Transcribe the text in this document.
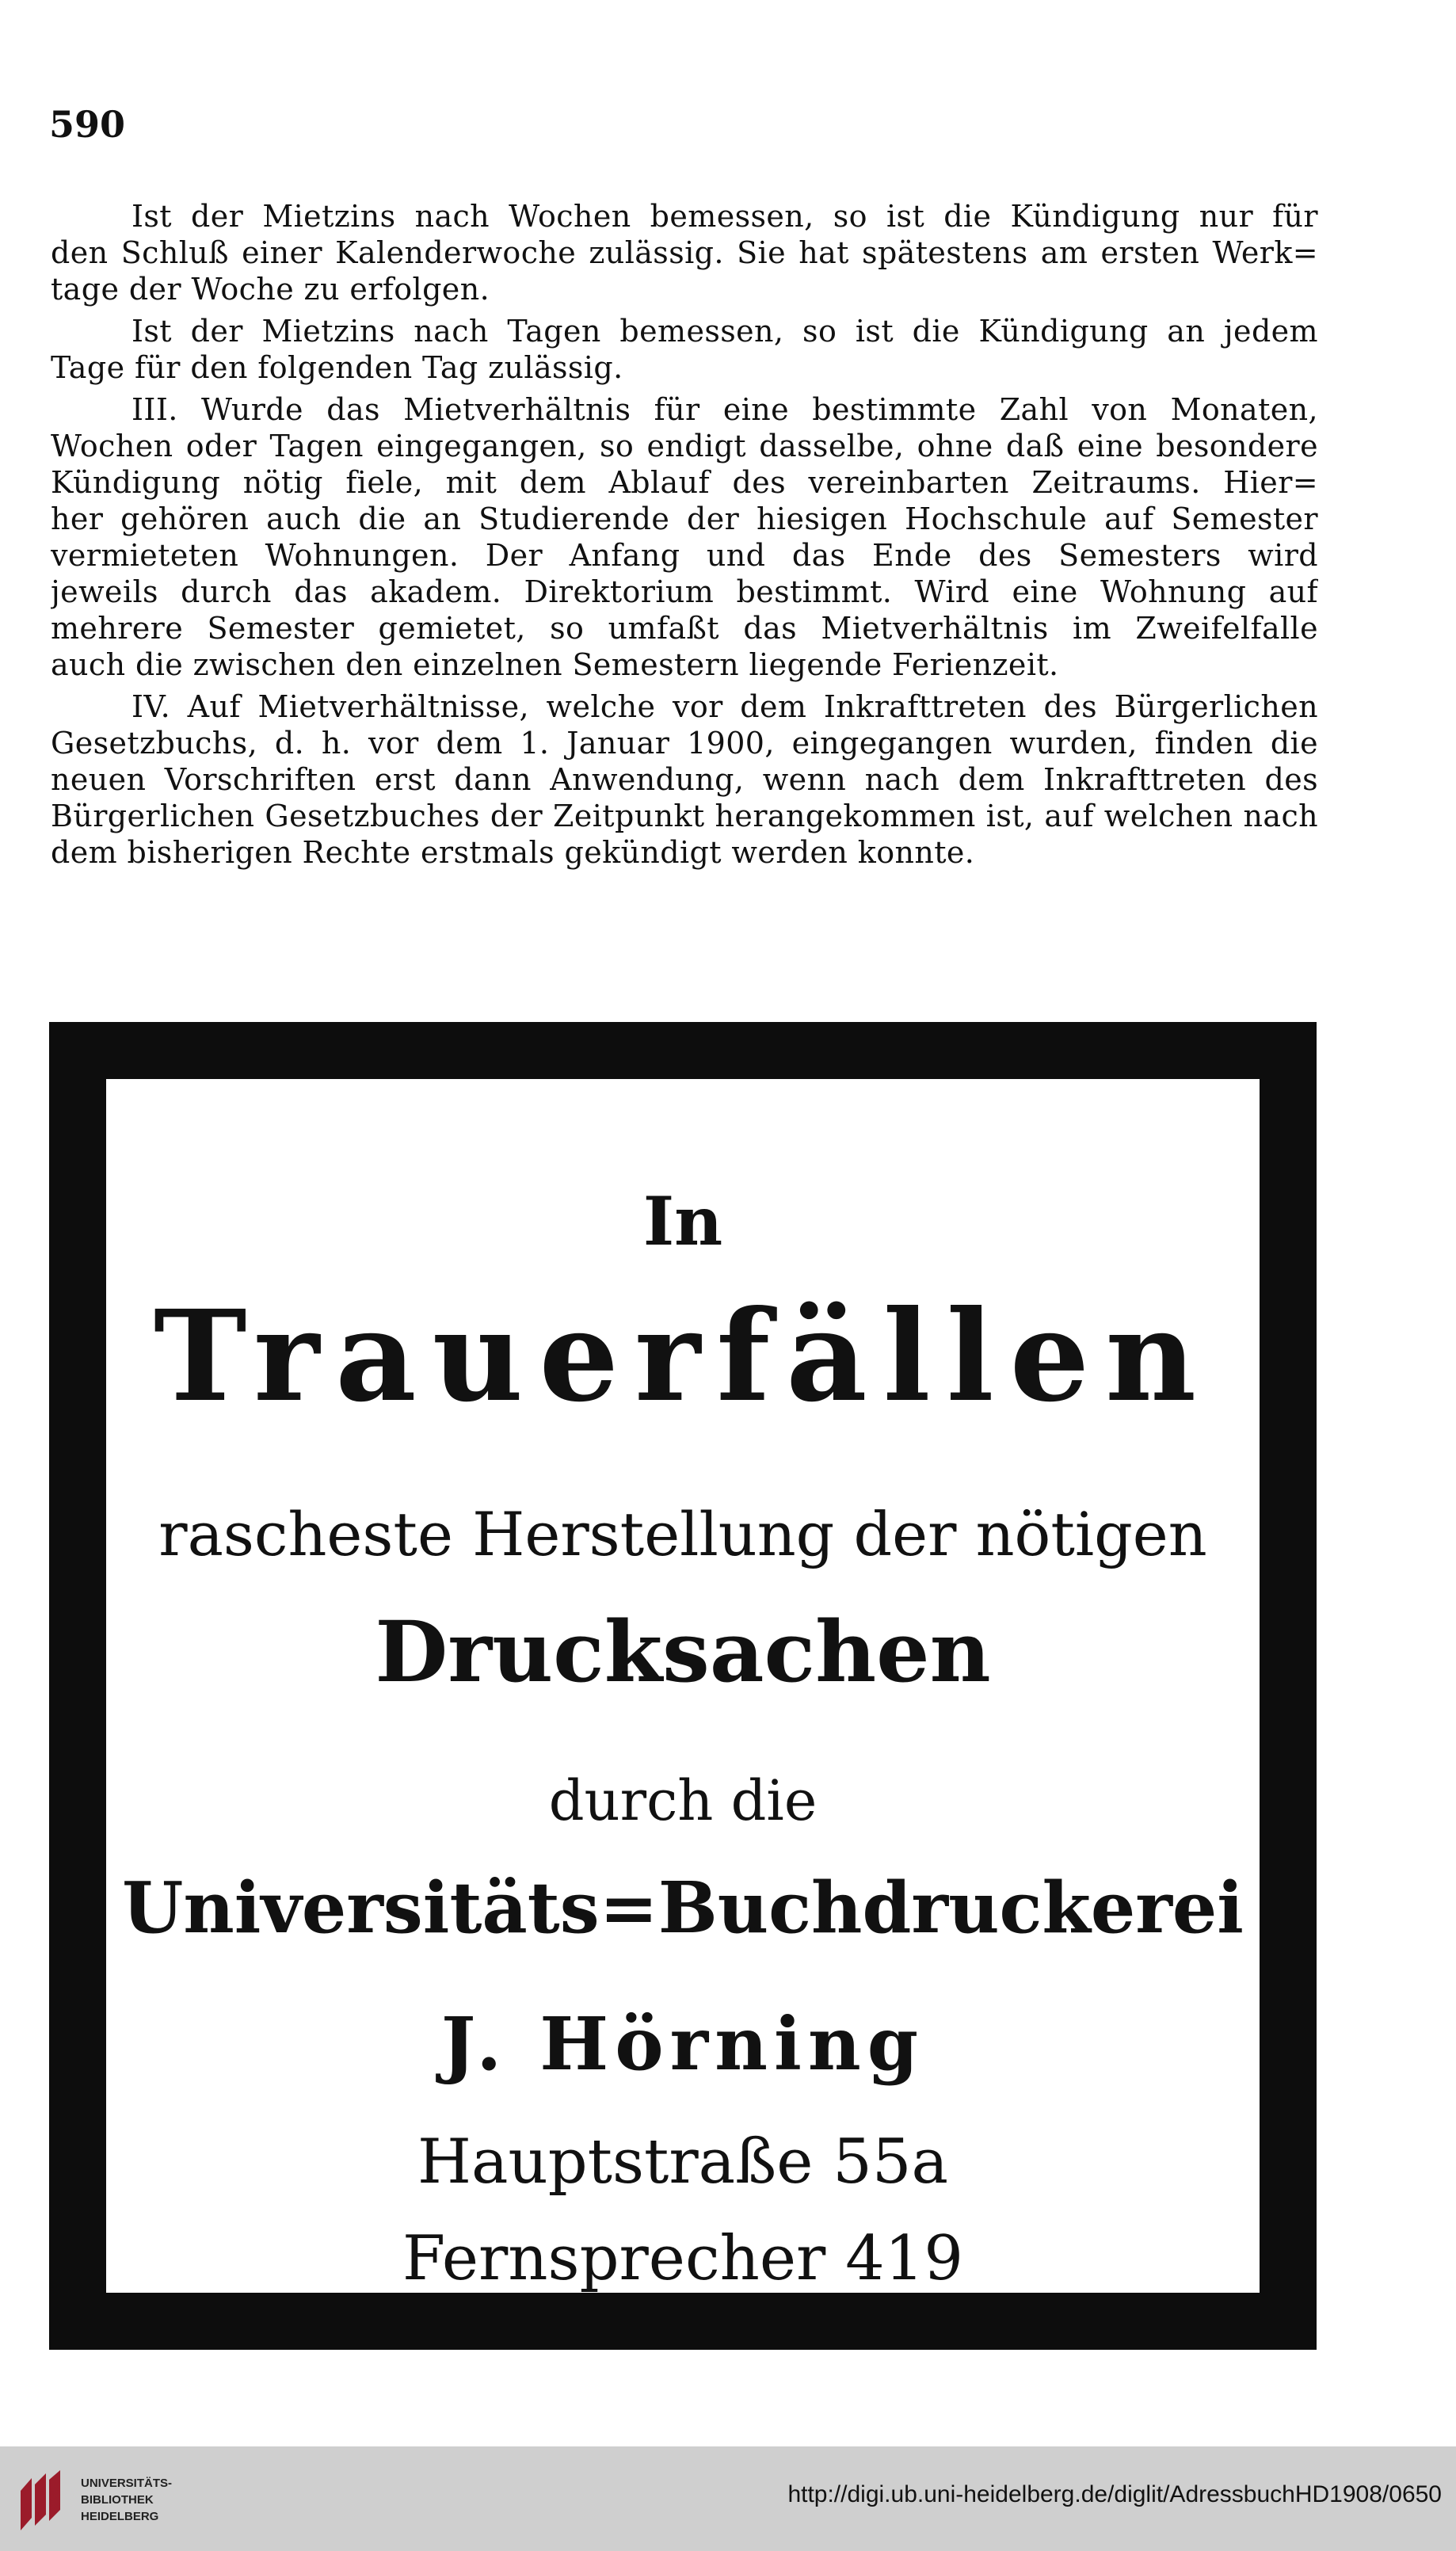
590
Ist der Mietzins nach Wochen bemessen, so ist die Kündigung nur für
den Schluß einer Kalenderwoche zulässig. Sie hat spätestens am ersten Werk=
tage der Woche zu erfolgen.
Ist der Mietzins nach Tagen bemessen, so ist die Kündigung an jedem
Tage für den folgenden Tag zulässig.
III. Wurde das Mietverhältnis für eine bestimmte Zahl von Monaten,
Wochen oder Tagen eingegangen, so endigt dasselbe, ohne daß eine besondere
Kündigung nötig fiele, mit dem Ablauf des vereinbarten Zeitraums. Hier=
her gehören auch die an Studierende der hiesigen Hochschule auf Semester
vermieteten Wohnungen. Der Anfang und das Ende des Semesters wird
jeweils durch das akadem. Direktorium bestimmt. Wird eine Wohnung auf
mehrere Semester gemietet, so umfaßt das Mietverhältnis im Zweifelfalle
auch die zwischen den einzelnen Semestern liegende Ferienzeit.
IV. Auf Mietverhältnisse, welche vor dem Inkrafttreten des Bürgerlichen
Gesetzbuchs, d. h. vor dem 1. Januar 1900, eingegangen wurden, finden die
neuen Vorschriften erst dann Anwendung, wenn nach dem Inkrafttreten des
Bürgerlichen Gesetzbuches der Zeitpunkt herangekommen ist, auf welchen nach
dem bisherigen Rechte erstmals gekündigt werden konnte.
In
Trauerfällen
rascheste Herstellung der nötigen
Drucksachen
durch die
Universitäts=Buchdruckerei
J. Hörning
Hauptstraße 55a
Fernsprecher 419
UNIVERSITÄTS-
BIBLIOTHEK
HEIDELBERG
http://digi.ub.uni-heidelberg.de/diglit/AdressbuchHD1908/0650
